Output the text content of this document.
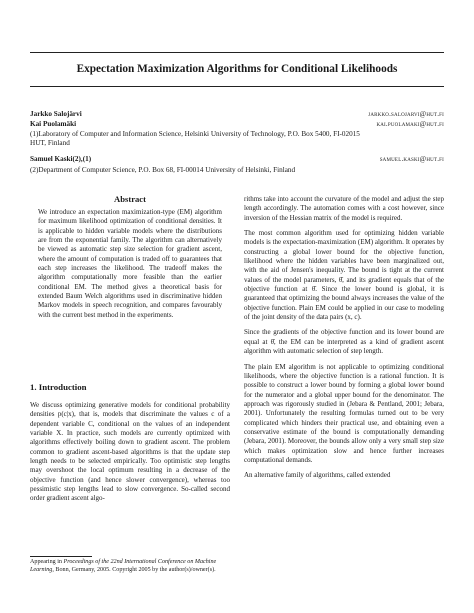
Expectation Maximization Algorithms for Conditional Likelihoods
Jarkko Salojärvi	jarkko.salojarvi@hut.fi
Kai Puolamäki	kai.puolamaki@hut.fi
(1)Laboratory of Computer and Information Science, Helsinki University of Technology, P.O. Box 5400, FI-02015
HUT, Finland
Samuel Kaski(2),(1)	samuel.kaski@hut.fi
(2)Department of Computer Science, P.O. Box 68, FI-00014 University of Helsinki, Finland
Abstract

We introduce an expectation maximization-type (EM) algorithm for maximum likelihood optimization of conditional densities. It is applicable to hidden variable models where the distributions are from the exponential family. The algorithm can alternatively be viewed as automatic step size selection for gradient ascent, where the amount of computation is traded off to guarantees that each step increases the likelihood. The tradeoff makes the algorithm computationally more feasible than the earlier conditional EM. The method gives a theoretical basis for extended Baum Welch algorithms used in discriminative hidden Markov models in speech recognition, and compares favourably with the current best method in the experiments.

1. Introduction

We discuss optimizing generative models for conditional probability densities p(c|x), that is, models that discriminate the values c of a dependent variable C, conditional on the values of an independent variable X. In practice, such models are currently optimized with algorithms effectively boiling down to gradient ascent. The problem common to gradient ascent-based algorithms is that the update step length needs to be selected empirically. Too optimistic step lengths may overshoot the local optimum resulting in a decrease of the objective function (and hence slower convergence), whereas too pessimistic step lengths lead to slow convergence. So-called second order gradient ascent algo-

Appearing in Proceedings of the 22nd International Conference on Machine Learning, Bonn, Germany, 2005. Copyright 2005 by the author(s)/owner(s).

rithms take into account the curvature of the model and adjust the step length accordingly. The automation comes with a cost however, since inversion of the Hessian matrix of the model is required.

The most common algorithm used for optimizing hidden variable models is the expectation-maximization (EM) algorithm. It operates by constructing a global lower bound for the objective function, likelihood where the hidden variables have been marginalized out, with the aid of Jensen's inequality. The bound is tight at the current values of the model parameters, θ̂, and its gradient equals that of the objective function at θ̂. Since the lower bound is global, it is guaranteed that optimizing the bound always increases the value of the objective function. Plain EM could be applied in our case to modeling of the joint density of the data pairs (x, c).

Since the gradients of the objective function and its lower bound are equal at θ̂, the EM can be interpreted as a kind of gradient ascent algorithm with automatic selection of step length.

The plain EM algorithm is not applicable to optimizing conditional likelihoods, where the objective function is a rational function. It is possible to construct a lower bound by forming a global lower bound for the numerator and a global upper bound for the denominator. The approach was rigorously studied in (Jebara & Pentland, 2001; Jebara, 2001). Unfortunately the resulting formulas turned out to be very complicated which hinders their practical use, and obtaining even a conservative estimate of the bound is computationally demanding (Jebara, 2001). Moreover, the bounds allow only a very small step size which makes optimization slow and hence further increases computational demands.

An alternative family of algorithms, called extended
